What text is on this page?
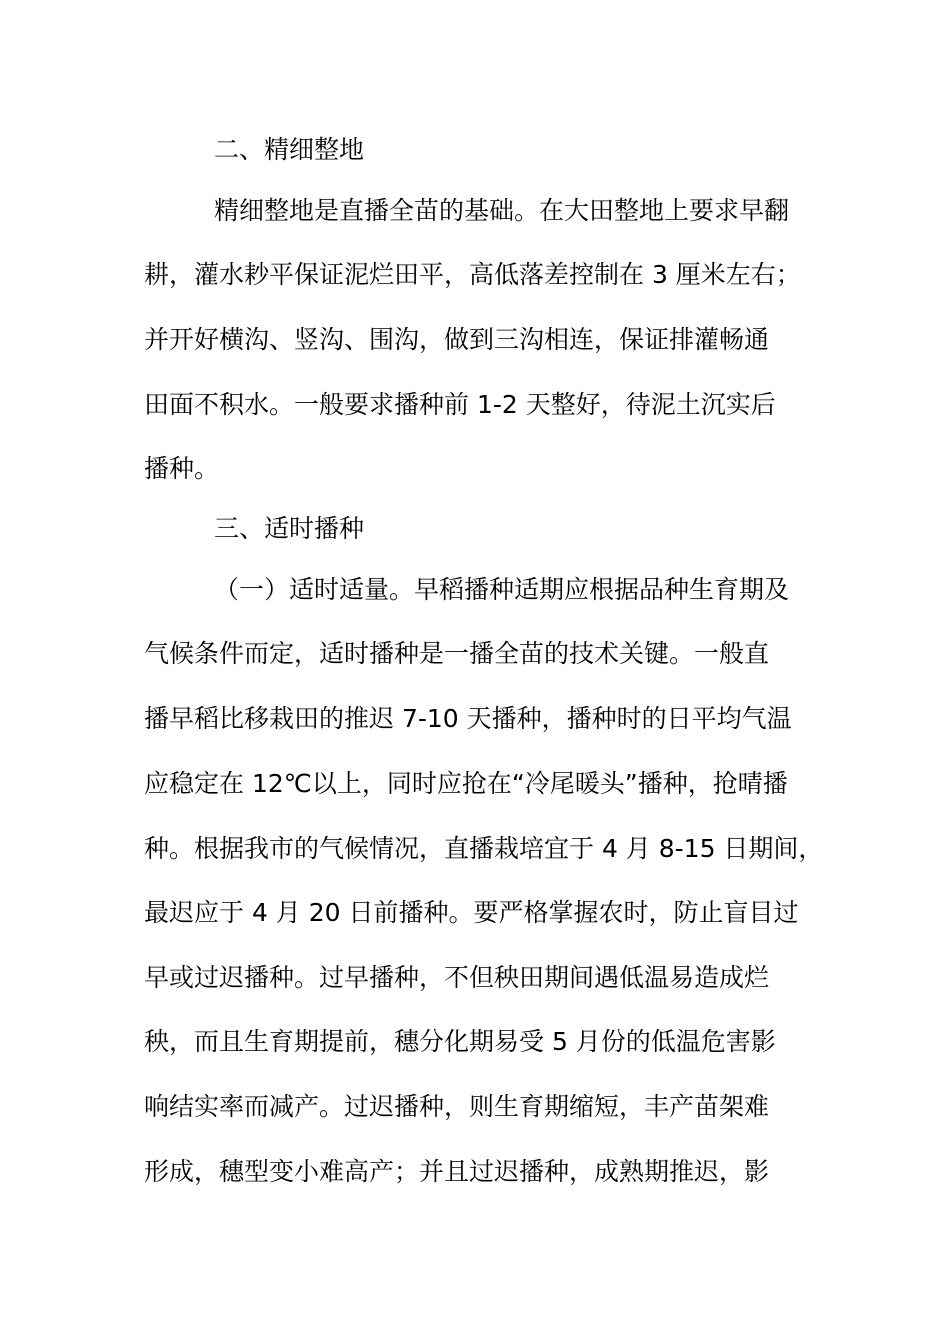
二、精细整地

精细整地是直播全苗的基础。在大田整地上要求早翻

耕，灌水耖平保证泥烂田平，高低落差控制在 3 厘米左右；

并开好横沟、竖沟、围沟，做到三沟相连，保证排灌畅通

田面不积水。一般要求播种前 1-2 天整好，待泥土沉实后

播种。

三、适时播种

（一）适时适量。早稻播种适期应根据品种生育期及

气候条件而定，适时播种是一播全苗的技术关键。一般直

播早稻比移栽田的推迟 7-10 天播种，播种时的日平均气温

应稳定在 12℃以上，同时应抢在“冷尾暖头”播种，抢晴播

种。根据我市的气候情况，直播栽培宜于 4 月 8-15 日期间，

最迟应于 4 月 20 日前播种。要严格掌握农时，防止盲目过

早或过迟播种。过早播种，不但秧田期间遇低温易造成烂

秧，而且生育期提前，穗分化期易受 5 月份的低温危害影

响结实率而减产。过迟播种，则生育期缩短，丰产苗架难

形成，穗型变小难高产；并且过迟播种，成熟期推迟，影
